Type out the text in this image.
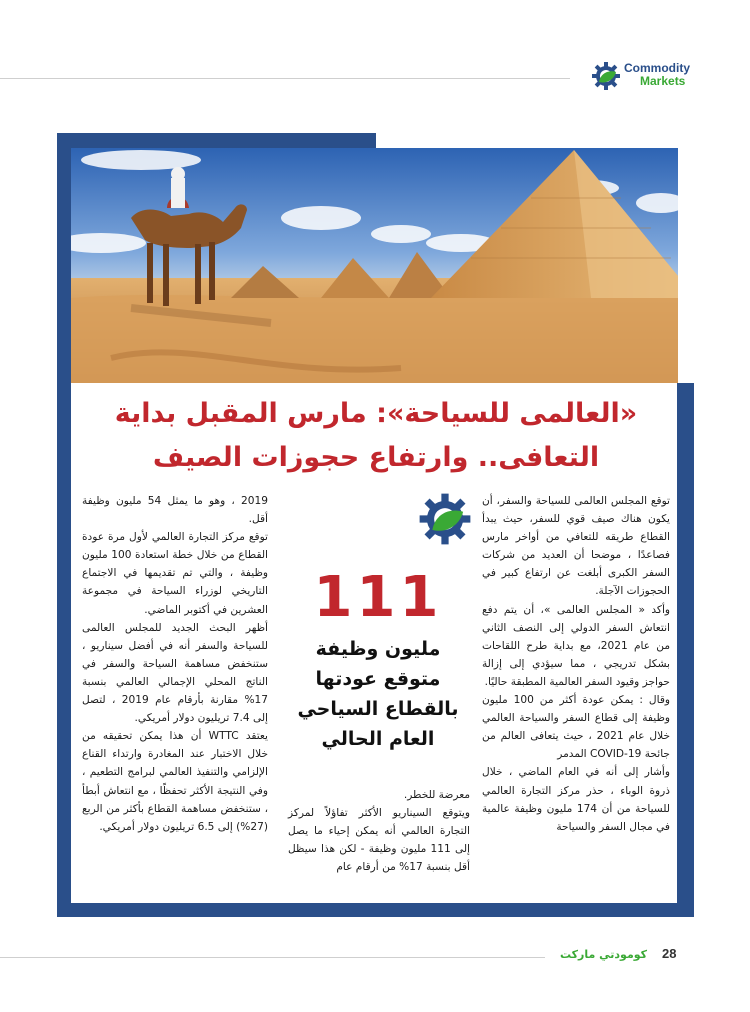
Commodity
Markets
«العالمى للسياحة»: مارس المقبل بداية
التعافى.. وارتفاع حجوزات الصيف

توقع المجلس العالمى للسياحة والسفر، أن يكون هناك صيف قوي للسفر، حيث يبدأ القطاع طريقه للتعافي من أواخر مارس فصاعدًا ، موضحا أن العديد من شركات السفر الكبرى أبلغت عن ارتفاع كبير في الحجوزات الآجلة.

وأكد « المجلس العالمى »، أن يتم دفع انتعاش السفر الدولي إلى النصف الثاني من عام 2021، مع بداية طرح اللقاحات بشكل تدريجي ، مما سيؤدي إلى إزالة حواجز وقيود السفر العالمية المطبقة حاليًا.

وقال : يمكن عودة أكثر من 100 مليون وظيفة إلى قطاع السفر والسياحة العالمي خلال عام 2021 ، حيث يتعافى العالم من جائحة COVID-19 المدمر

وأشار إلى أنه في العام الماضي ، خلال ذروة الوباء ، حذر مركز التجارة العالمي للسياحة من أن 174 مليون وظيفة عالمية في مجال السفر والسياحة

111
مليون وظيفة
متوقع عودتها
بالقطاع السياحي
العام الحالي

معرضة للخطر.

ويتوقع السيناريو الأكثر تفاؤلاً لمركز التجارة العالمي أنه يمكن إحياء ما يصل إلى 111 مليون وظيفة - لكن هذا سيظل أقل بنسبة 17% من أرقام عام

2019 ، وهو ما يمثل 54 مليون وظيفة أقل.

توقع مركز التجارة العالمي لأول مرة عودة القطاع من خلال خطة استعادة 100 مليون وظيفة ، والتي تم تقديمها في الاجتماع التاريخي لوزراء السياحة في مجموعة العشرين في أكتوبر الماضي.

أظهر البحث الجديد للمجلس العالمى للسياحة والسفر أنه في أفضل سيناريو ، ستنخفض مساهمة السياحة والسفر في الناتج المحلي الإجمالي العالمي بنسبة 17% مقارنة بأرقام عام 2019 ، لتصل إلى 7.4 تريليون دولار أمريكي.

يعتقد WTTC أن هذا يمكن تحقيقه من خلال الاختبار عند المغادرة وارتداء القناع الإلزامي والتنفيذ العالمي لبرامج التطعيم ، وفي النتيجة الأكثر تحفظًا ، مع انتعاش أبطأ ، ستنخفض مساهمة القطاع بأكثر من الربع (27%) إلى 6.5 تريليون دولار أمريكي.

كومودتي ماركت 28
